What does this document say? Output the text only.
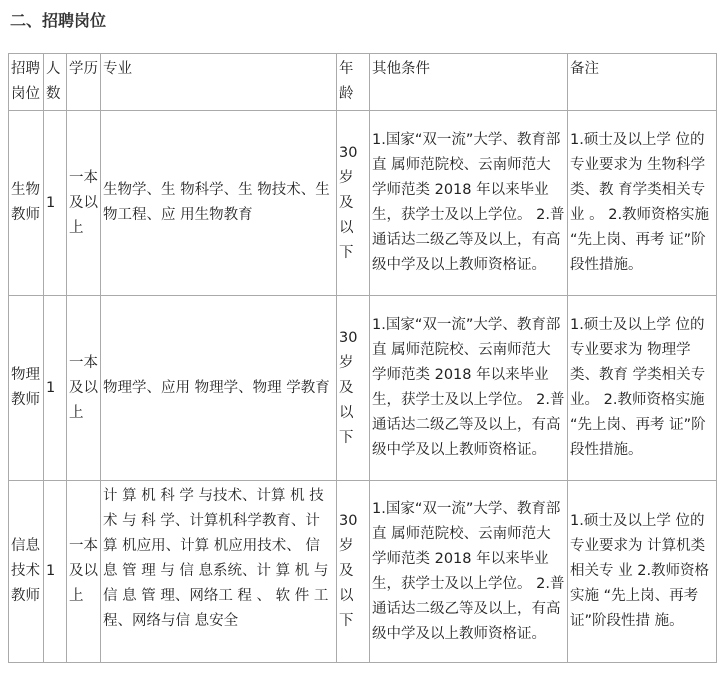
二、招聘岗位
招聘岗位	人数	学历	专业	年龄	其他条件	备注
生物教师	1	一本及以上	生物学、生 物科学、生 物技术、生 物工程、应 用生物教育	30岁及以下	1.国家“双一流”大学、教育部直 属师范院校、云南师范大学师范类 2018 年以来毕业生，获学士及以上学位。 2.普通话达二级乙等及以上，有高 级中学及以上教师资格证。	1.硕士及以上学 位的专业要求为 生物科学类、教 育学类相关专 业 。 2.教师资格实施 “先上岗、再考 证”阶段性措施。
物理教师	1	一本及以上	物理学、应用 物理学、物理 学教育	30岁及以下	1.国家“双一流”大学、教育部直 属师范院校、云南师范大学师范类 2018 年以来毕业生，获学士及以上学位。 2.普通话达二级乙等及以上，有高 级中学及以上教师资格证。	1.硕士及以上学 位的专业要求为 物理学类、教育 学类相关专业。 2.教师资格实施 “先上岗、再考 证”阶段性措施。
信息技术教师	1	一本及以上	计 算 机 科 学 与技术、计算 机 技 术 与 科 学、计算机科学教育、计算 机应用、计算 机应用技术、 信 息 管 理 与 信 息系统、计 算 机 与 信 息 管 理、网络工 程 、 软 件 工 程、网络与信 息安全	30岁及以下	1.国家“双一流”大学、教育部直 属师范院校、云南师范大学师范类 2018 年以来毕业生，获学士及以上学位。 2.普通话达二级乙等及以上，有高 级中学及以上教师资格证。	1.硕士及以上学 位的专业要求为 计算机类相关专 业 2.教师资格实施 “先上岗、再考 证”阶段性措 施。
